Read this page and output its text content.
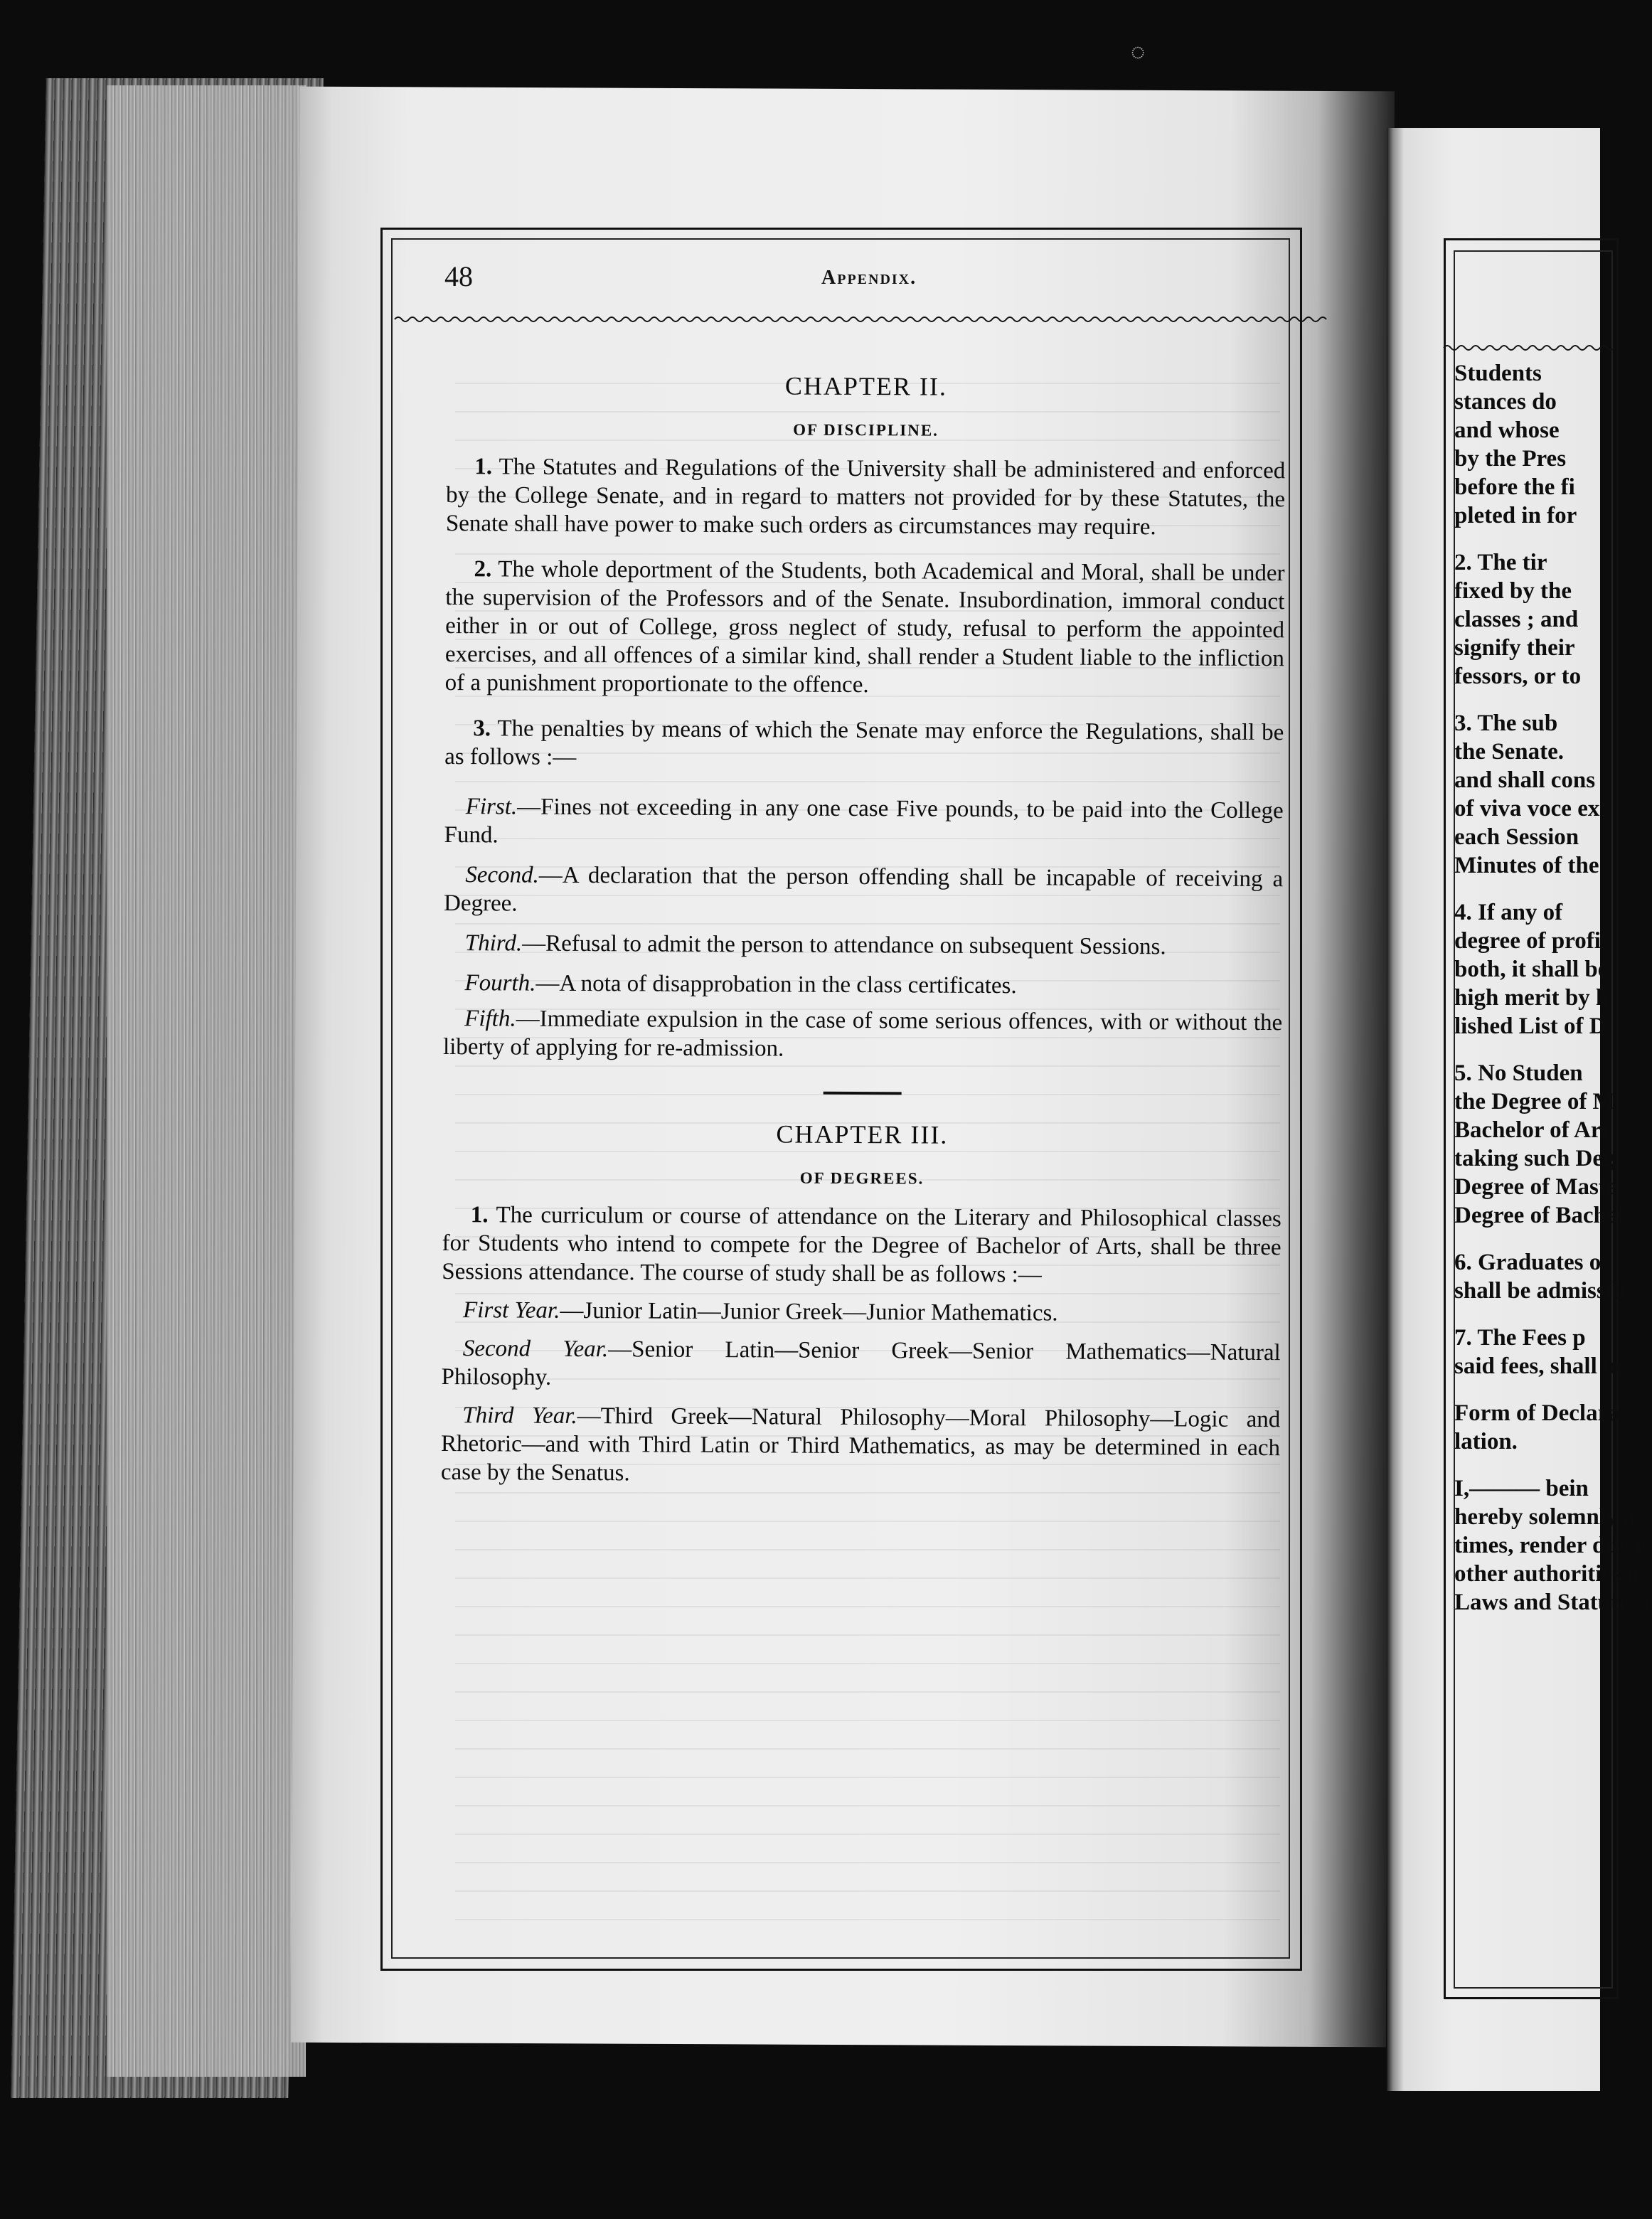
◌
48	Appendix.

CHAPTER II.

OF DISCIPLINE.

1. The Statutes and Regulations of the University shall be administered and enforced by the College Senate, and in regard to matters not provided for by these Statutes, the Senate shall have power to make such orders as circumstances may require.

2. The whole deportment of the Students, both Academical and Moral, shall be under the supervision of the Professors and of the Senate. Insubordination, immoral conduct either in or out of College, gross neglect of study, refusal to perform the appointed exercises, and all offences of a similar kind, shall render a Student liable to the infliction of a punishment proportionate to the offence.

3. The penalties by means of which the Senate may enforce the Regulations, shall be as follows :—

First.—Fines not exceeding in any one case Five pounds, to be paid into the College Fund.

Second.—A declaration that the person offending shall be incapable of receiving a Degree.

Third.—Refusal to admit the person to attendance on subsequent Sessions.

Fourth.—A nota of disapprobation in the class certificates.

Fifth.—Immediate expulsion in the case of some serious offences, with or without the liberty of applying for re-admission.

CHAPTER III.

OF DEGREES.

1. The curriculum or course of attendance on the Literary and Philosophical classes for Students who intend to compete for the Degree of Bachelor of Arts, shall be three Sessions attendance. The course of study shall be as follows :—

First Year.—Junior Latin—Junior Greek—Junior Mathematics.

Second Year.—Senior Latin—Senior Greek—Senior Mathematics—Natural Philosophy.

Third Year.—Third Greek—Natural Philosophy—Moral Philosophy—Logic and Rhetoric—and with Third Latin or Third Mathematics, as may be determined in each case by the Senatus.

Students

stances do

and whose

by the Pres

before the fi

pleted in for

2. The tir

fixed by the

classes ; and

signify their

fessors, or to

3. The sub

the Senate.

and shall cons

of viva voce ex

each Session

Minutes of the

4. If any of

degree of profi

both, it shall be

high merit by h

lished List of D

5. No Studen

the Degree of M

Bachelor of Art

taking such Deg

Degree of Maste

Degree of Bachel

6. Graduates o

shall be admissib

7. The Fees p

said fees, shall be

Form of Declara

lation.

I,——— bein

hereby solemnly a

times, render due r

other authorities o

Laws and Statutes t
